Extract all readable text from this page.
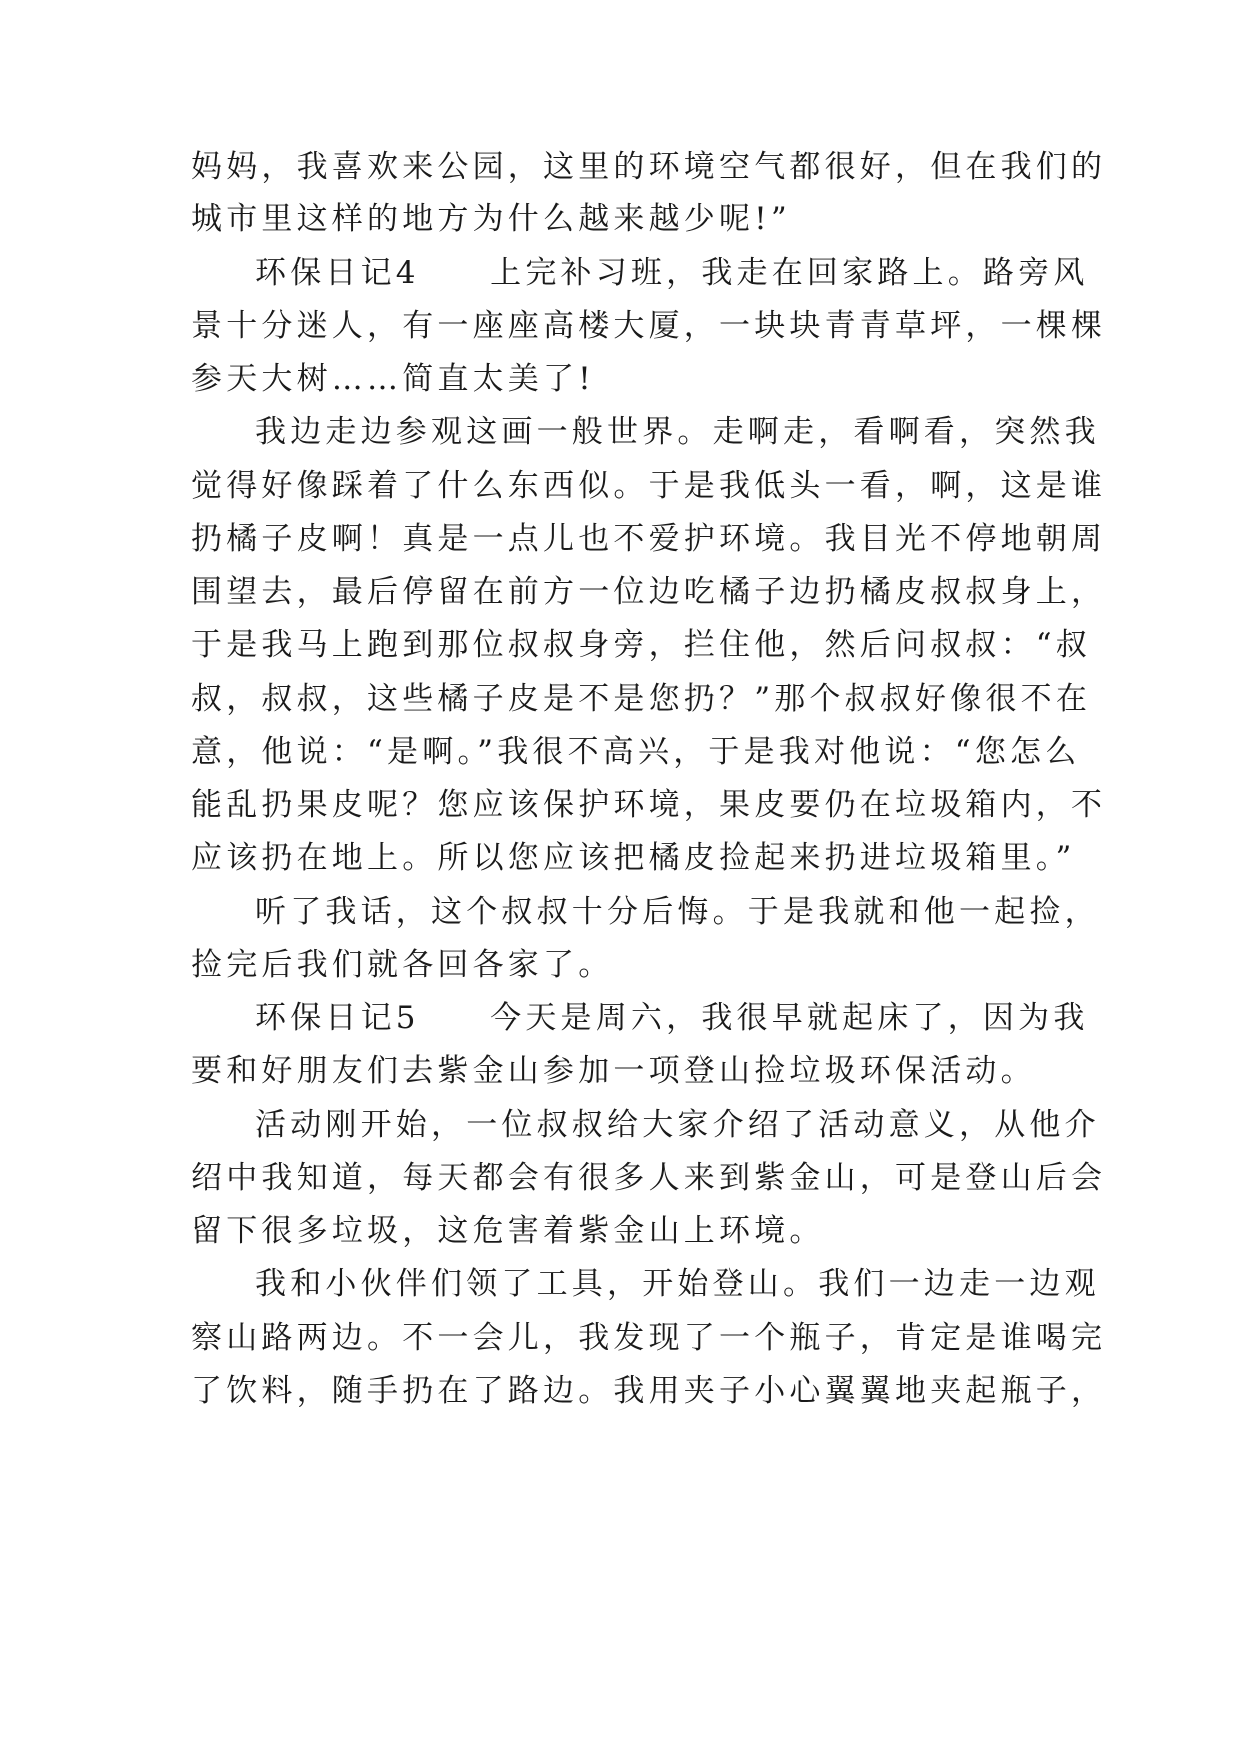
妈妈，我喜欢来公园，这里的环境空气都很好，但在我们的
城市里这样的地方为什么越来越少呢!”
环保日记4　　上完补习班，我走在回家路上。路旁风
景十分迷人，有一座座高楼大厦，一块块青青草坪，一棵棵
参天大树……简直太美了!
我边走边参观这画一般世界。走啊走，看啊看，突然我
觉得好像踩着了什么东西似。于是我低头一看，啊，这是谁
扔橘子皮啊！真是一点儿也不爱护环境。我目光不停地朝周
围望去，最后停留在前方一位边吃橘子边扔橘皮叔叔身上，
于是我马上跑到那位叔叔身旁，拦住他，然后问叔叔：“叔
叔，叔叔，这些橘子皮是不是您扔？”那个叔叔好像很不在
意，他说：“是啊。”我很不高兴，于是我对他说：“您怎么
能乱扔果皮呢？您应该保护环境，果皮要仍在垃圾箱内，不
应该扔在地上。所以您应该把橘皮捡起来扔进垃圾箱里。”
听了我话，这个叔叔十分后悔。于是我就和他一起捡，
捡完后我们就各回各家了。
环保日记5　　今天是周六，我很早就起床了，因为我
要和好朋友们去紫金山参加一项登山捡垃圾环保活动。
活动刚开始，一位叔叔给大家介绍了活动意义，从他介
绍中我知道，每天都会有很多人来到紫金山，可是登山后会
留下很多垃圾，这危害着紫金山上环境。
我和小伙伴们领了工具，开始登山。我们一边走一边观
察山路两边。不一会儿，我发现了一个瓶子，肯定是谁喝完
了饮料，随手扔在了路边。我用夹子小心翼翼地夹起瓶子，
